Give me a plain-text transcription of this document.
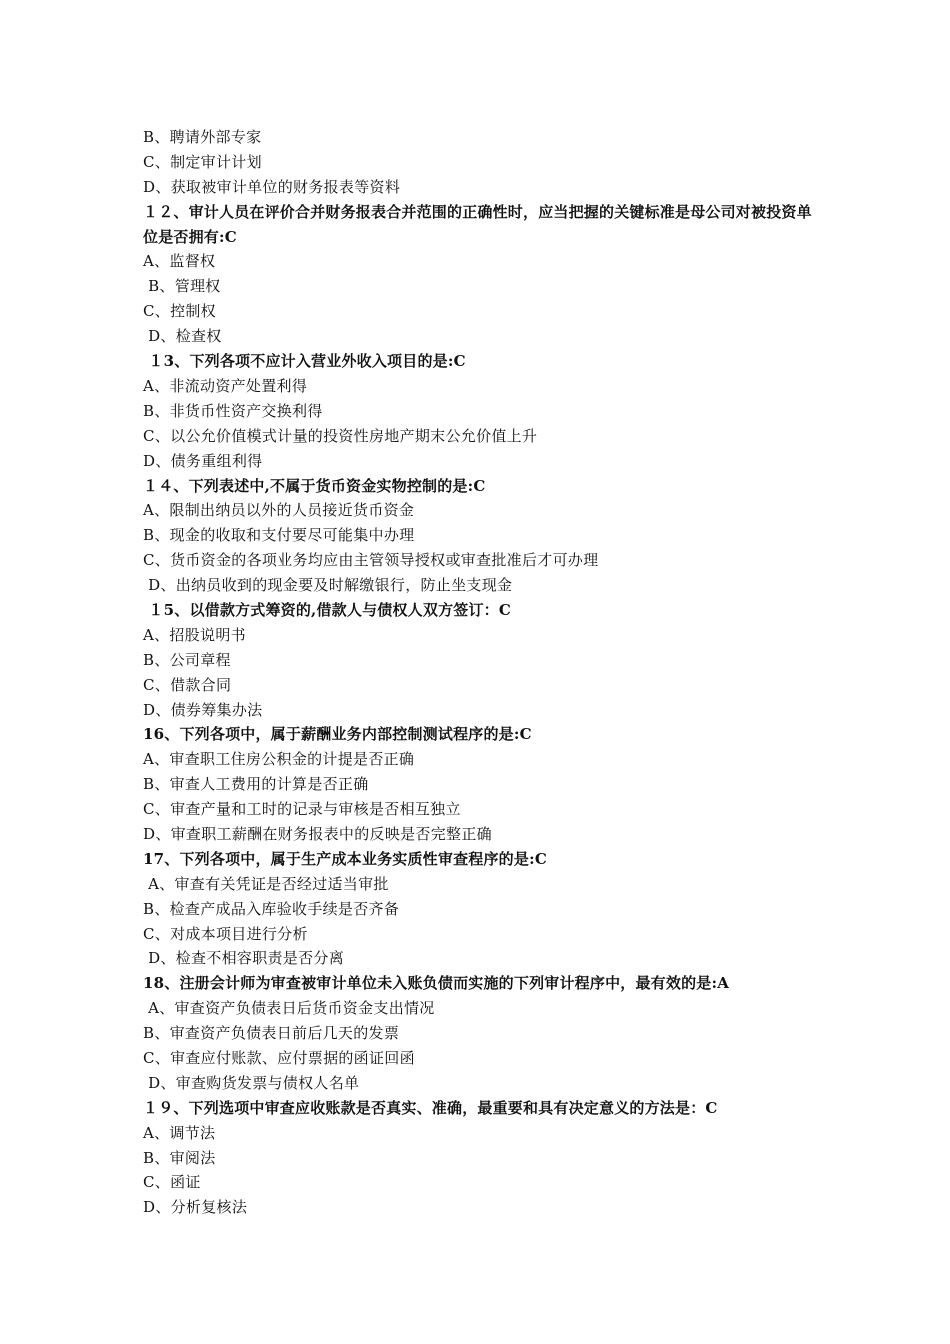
B、聘请外部专家
C、制定审计计划
D、获取被审计单位的财务报表等资料
１２、审计人员在评价合并财务报表合并范围的正确性时，应当把握的关键标准是母公司对被投资单位是否拥有:C
A、监督权
B、管理权
C、控制权
D、检查权
１3、下列各项不应计入营业外收入项目的是:C
A、非流动资产处置利得
B、非货币性资产交换利得
C、以公允价值模式计量的投资性房地产期末公允价值上升
D、债务重组利得
１４、下列表述中,不属于货币资金实物控制的是:C
A、限制出纳员以外的人员接近货币资金
B、现金的收取和支付要尽可能集中办理
C、货币资金的各项业务均应由主管领导授权或审查批准后才可办理
D、出纳员收到的现金要及时解缴银行，防止坐支现金
１5、以借款方式筹资的,借款人与债权人双方签订：C
A、招股说明书
B、公司章程
C、借款合同
D、债券筹集办法
16、下列各项中，属于薪酬业务内部控制测试程序的是:C
A、审查职工住房公积金的计提是否正确
B、审查人工费用的计算是否正确
C、审查产量和工时的记录与审核是否相互独立
D、审查职工薪酬在财务报表中的反映是否完整正确
17、下列各项中，属于生产成本业务实质性审查程序的是:C
A、审查有关凭证是否经过适当审批
B、检查产成品入库验收手续是否齐备
C、对成本项目进行分析
D、检查不相容职责是否分离
18、注册会计师为审查被审计单位未入账负债而实施的下列审计程序中，最有效的是:A
A、审查资产负债表日后货币资金支出情况
B、审查资产负债表日前后几天的发票
C、审查应付账款、应付票据的函证回函
D、审查购货发票与债权人名单
１９、下列选项中审查应收账款是否真实、准确，最重要和具有决定意义的方法是：C
A、调节法
B、审阅法
C、函证
D、分析复核法
